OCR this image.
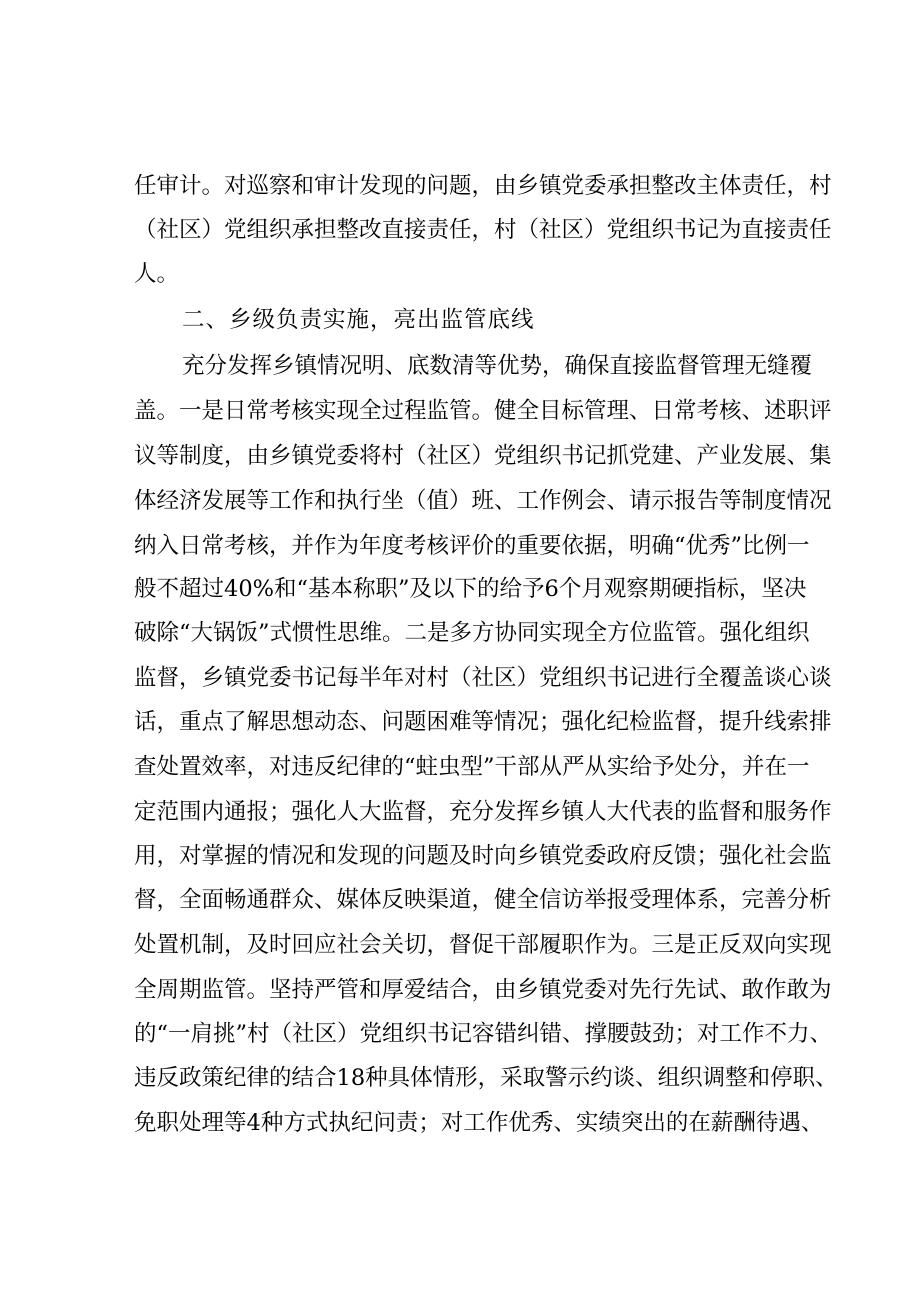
任审计。对巡察和审计发现的问题，由乡镇党委承担整改主体责任，村
（社区）党组织承担整改直接责任，村（社区）党组织书记为直接责任
人。
二、乡级负责实施，亮出监管底线
充分发挥乡镇情况明、底数清等优势，确保直接监督管理无缝覆
盖。一是日常考核实现全过程监管。健全目标管理、日常考核、述职评
议等制度，由乡镇党委将村（社区）党组织书记抓党建、产业发展、集
体经济发展等工作和执行坐（值）班、工作例会、请示报告等制度情况
纳入日常考核，并作为年度考核评价的重要依据，明确“优秀”比例一
般不超过40%和“基本称职”及以下的给予6个月观察期硬指标，坚决
破除“大锅饭”式惯性思维。二是多方协同实现全方位监管。强化组织
监督，乡镇党委书记每半年对村（社区）党组织书记进行全覆盖谈心谈
话，重点了解思想动态、问题困难等情况；强化纪检监督，提升线索排
查处置效率，对违反纪律的“蛀虫型”干部从严从实给予处分，并在一
定范围内通报；强化人大监督，充分发挥乡镇人大代表的监督和服务作
用，对掌握的情况和发现的问题及时向乡镇党委政府反馈；强化社会监
督，全面畅通群众、媒体反映渠道，健全信访举报受理体系，完善分析
处置机制，及时回应社会关切，督促干部履职作为。三是正反双向实现
全周期监管。坚持严管和厚爱结合，由乡镇党委对先行先试、敢作敢为
的“一肩挑”村（社区）党组织书记容错纠错、撑腰鼓劲；对工作不力、
违反政策纪律的结合18种具体情形，采取警示约谈、组织调整和停职、
免职处理等4种方式执纪问责；对工作优秀、实绩突出的在薪酬待遇、
